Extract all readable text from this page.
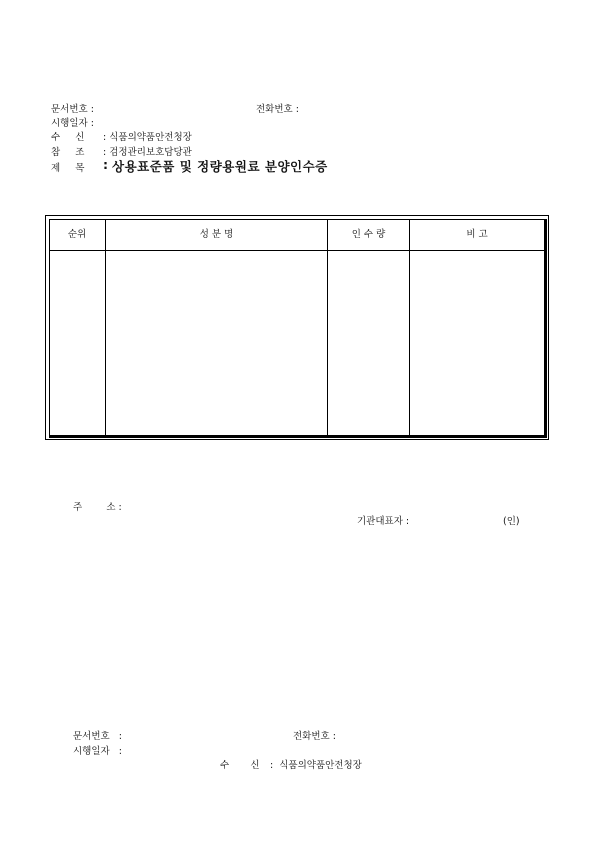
문서번호 :	전화번호 :
시행일자 :
수     신 : 식품의약품안전청장
참     조 : 검정관리보호담당관
제     목 : 상용표준품 및 정량용원료 분양인수증
순위	성 분 명	인 수 량	비 고
주        소 :
기관대표자 :	(인)
문서번호   :	전화번호 :
시행일자   :
수       신 :  식품의약품안전청장
